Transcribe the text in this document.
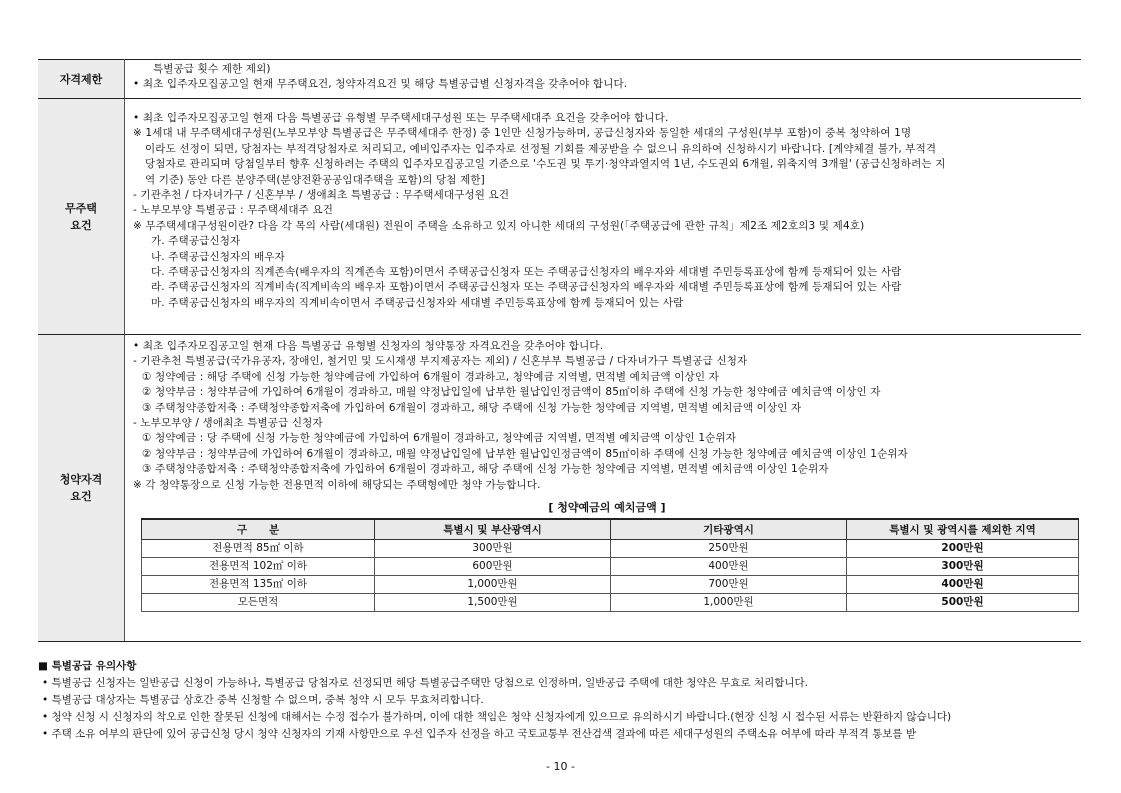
자격제한

특별공급 횟수 제한 제외)
• 최초 입주자모집공고일 현재 무주택요건, 청약자격요건 및 해당 특별공급별 신청자격을 갖추어야 합니다.

무주택
요건

• 최초 입주자모집공고일 현재 다음 특별공급 유형별 무주택세대구성원 또는 무주택세대주 요건을 갖추어야 합니다.
※ 1세대 내 무주택세대구성원(노부모부양 특별공급은 무주택세대주 한정) 중 1인만 신청가능하며, 공급신청자와 동일한 세대의 구성원(부부 포함)이 중복 청약하여 1명
이라도 선정이 되면, 당첨자는 부적격당첨자로 처리되고, 예비입주자는 입주자로 선정될 기회를 제공받을 수 없으니 유의하여 신청하시기 바랍니다. [계약체결 불가, 부적격
당첨자로 관리되며 당첨일부터 향후 신청하려는 주택의 입주자모집공고일 기준으로 '수도권 및 투기·청약과열지역 1년, 수도권외 6개월, 위축지역 3개월' (공급신청하려는 지
역 기준) 동안 다른 분양주택(분양전환공공임대주택을 포함)의 당첨 제한]
- 기관추천 / 다자녀가구 / 신혼부부 / 생애최초 특별공급 : 무주택세대구성원 요건
- 노부모부양 특별공급 : 무주택세대주 요건
※ 무주택세대구성원이란? 다음 각 목의 사람(세대원) 전원이 주택을 소유하고 있지 아니한 세대의 구성원(「주택공급에 관한 규칙」제2조 제2호의3 및 제4호)
가. 주택공급신청자
나. 주택공급신청자의 배우자
다. 주택공급신청자의 직계존속(배우자의 직계존속 포함)이면서 주택공급신청자 또는 주택공급신청자의 배우자와 세대별 주민등록표상에 함께 등재되어 있는 사람
라. 주택공급신청자의 직계비속(직계비속의 배우자 포함)이면서 주택공급신청자 또는 주택공급신청자의 배우자와 세대별 주민등록표상에 함께 등재되어 있는 사람
마. 주택공급신청자의 배우자의 직계비속이면서 주택공급신청자와 세대별 주민등록표상에 함께 등재되어 있는 사람

청약자격
요건

• 최초 입주자모집공고일 현재 다음 특별공급 유형별 신청자의 청약통장 자격요건을 갖추어야 합니다.
- 기관추천 특별공급(국가유공자, 장애인, 철거민 및 도시재생 부지제공자는 제외) / 신혼부부 특별공급 / 다자녀가구 특별공급 신청자
① 청약예금 : 해당 주택에 신청 가능한 청약예금에 가입하여 6개월이 경과하고, 청약예금 지역별, 면적별 예치금액 이상인 자
② 청약부금 : 청약부금에 가입하여 6개월이 경과하고, 매월 약정납입일에 납부한 월납입인정금액이 85㎡이하 주택에 신청 가능한 청약예금 예치금액 이상인 자
③ 주택청약종합저축 : 주택청약종합저축에 가입하여 6개월이 경과하고, 해당 주택에 신청 가능한 청약예금 지역별, 면적별 예치금액 이상인 자
- 노부모부양 / 생애최초 특별공급 신청자
① 청약예금 : 당 주택에 신청 가능한 청약예금에 가입하여 6개월이 경과하고, 청약예금 지역별, 면적별 예치금액 이상인 1순위자
② 청약부금 : 청약부금에 가입하여 6개월이 경과하고, 매월 약정납입일에 납부한 월납입인정금액이 85㎡이하 주택에 신청 가능한 청약예금 예치금액 이상인 1순위자
③ 주택청약종합저축 : 주택청약종합저축에 가입하여 6개월이 경과하고, 해당 주택에 신청 가능한 청약예금 지역별, 면적별 예치금액 이상인 1순위자
※ 각 청약통장으로 신청 가능한 전용면적 이하에 해당되는 주택형에만 청약 가능합니다.
[ 청약예금의 예치금액 ]
구      분	특별시 및 부산광역시	기타광역시	특별시 및 광역시를 제외한 지역
전용면적 85㎡ 이하	300만원	250만원	200만원
전용면적 102㎡ 이하	600만원	400만원	300만원
전용면적 135㎡ 이하	1,000만원	700만원	400만원
모든면적	1,500만원	1,000만원	500만원
■ 특별공급 유의사항
• 특별공급 신청자는 일반공급 신청이 가능하나, 특별공급 당첨자로 선정되면 해당 특별공급주택만 당첨으로 인정하며, 일반공급 주택에 대한 청약은 무효로 처리합니다.
• 특별공급 대상자는 특별공급 상호간 중복 신청할 수 없으며, 중복 청약 시 모두 무효처리합니다.
• 청약 신청 시 신청자의 착오로 인한 잘못된 신청에 대해서는 수정 접수가 불가하며, 이에 대한 책임은 청약 신청자에게 있으므로 유의하시기 바랍니다.(현장 신청 시 접수된 서류는 반환하지 않습니다)
• 주택 소유 여부의 판단에 있어 공급신청 당시 청약 신청자의 기재 사항만으로 우선 입주자 선정을 하고 국토교통부 전산검색 결과에 따른 세대구성원의 주택소유 여부에 따라 부적격 통보를 받
- 10 -
